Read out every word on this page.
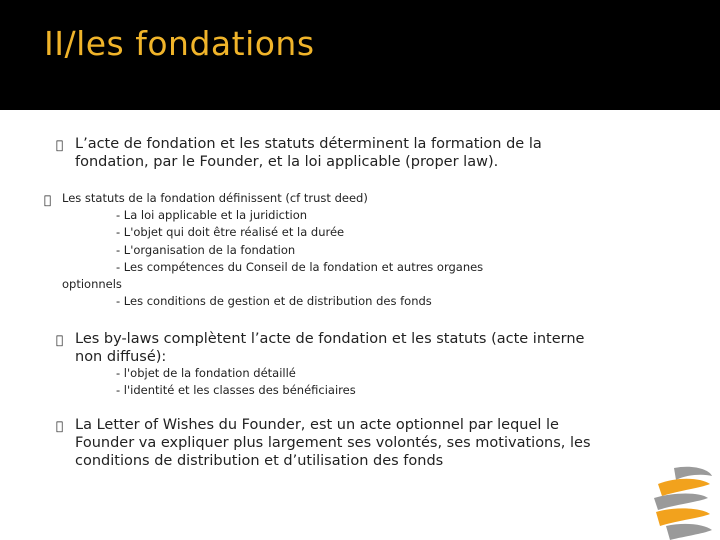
II/les fondations
L’acte de fondation et les statuts déterminent la formation de la fondation, par le Founder, et la loi applicable (proper law).
Les statuts de la fondation définissent (cf trust deed)
- La loi applicable et la juridiction
- L'objet qui doit être réalisé et la durée
- L'organisation de la fondation
- Les compétences du Conseil de la fondation et autres organes
optionnels
- Les conditions de gestion et de distribution des fonds
Les by-laws complètent l’acte de fondation et les statuts (acte interne non diffusé):
- l'objet de la fondation détaillé
- l'identité et les classes des bénéficiaires
La Letter of Wishes du Founder, est un acte optionnel par lequel le Founder va expliquer plus largement ses volontés, ses motivations, les conditions de distribution et d’utilisation des fonds
